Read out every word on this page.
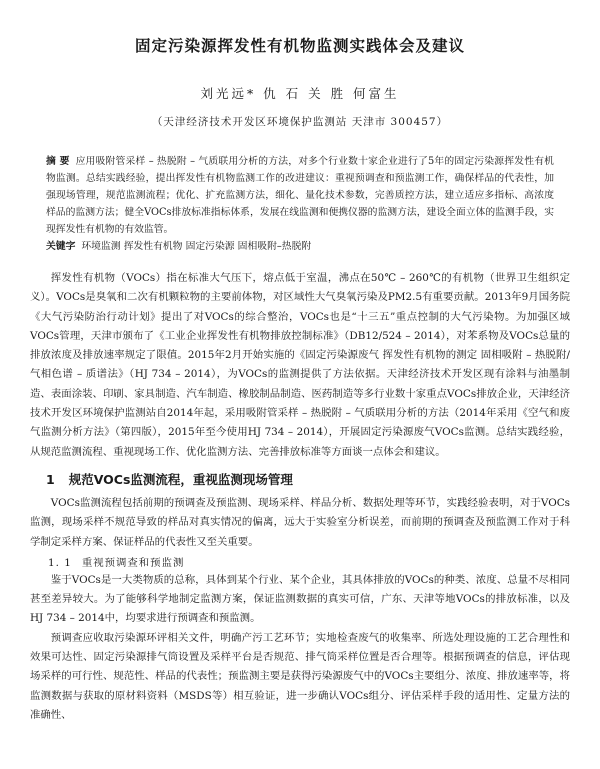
固定污染源挥发性有机物监测实践体会及建议
刘光远* 仇 石 关 胜 何富生
（天津经济技术开发区环境保护监测站 天津市 300457）
摘 要 应用吸附管采样 – 热脱附 – 气质联用分析的方法，对多个行业数十家企业进行了5年的固定污染源挥发性有机物监测。总结实践经验，提出挥发性有机物监测工作的改进建议：重视预调查和预监测工作，确保样品的代表性，加强现场管理，规范监测流程；优化、扩充监测方法，细化、量化技术参数，完善质控方法，建立适应多指标、高浓度样品的监测方法；健全VOCs排放标准指标体系，发展在线监测和便携仪器的监测方法，建设全面立体的监测手段，实现挥发性有机物的有效监管。
关键字 环境监测 挥发性有机物 固定污染源 固相吸附–热脱附

挥发性有机物（VOCs）指在标准大气压下，熔点低于室温，沸点在50℃ – 260℃的有机物（世界卫生组织定义）。VOCs是臭氧和二次有机颗粒物的主要前体物，对区域性大气臭氧污染及PM2.5有重要贡献。2013年9月国务院《大气污染防治行动计划》提出了对VOCs的综合整治，VOCs也是“十三五”重点控制的大气污染物。为加强区域VOCs管理，天津市颁布了《工业企业挥发性有机物排放控制标准》（DB12/524 – 2014），对苯系物及VOCs总量的排放浓度及排放速率规定了限值。2015年2月开始实施的《固定污染源废气 挥发性有机物的测定 固相吸附 – 热脱附/气相色谱 – 质谱法》（HJ 734 – 2014），为VOCs的监测提供了方法依据。天津经济技术开发区现有涂料与油墨制造、表面涂装、印刷、家具制造、汽车制造、橡胶制品制造、医药制造等多行业数十家重点VOCs排放企业，天津经济技术开发区环境保护监测站自2014年起，采用吸附管采样 – 热脱附 – 气质联用分析的方法（2014年采用《空气和废气监测分析方法》（第四版），2015年至今使用HJ 734 – 2014），开展固定污染源废气VOCs监测。总结实践经验，从规范监测流程、重视现场工作、优化监测方法、完善排放标准等方面谈一点体会和建议。

1 规范VOCs监测流程，重视监测现场管理

VOCs监测流程包括前期的预调查及预监测、现场采样、样品分析、数据处理等环节，实践经验表明，对于VOCs监测，现场采样不规范导致的样品对真实情况的偏离，远大于实验室分析误差，而前期的预调查及预监测工作对于科学制定采样方案、保证样品的代表性又至关重要。

1. 1 重视预调查和预监测

鉴于VOCs是一大类物质的总称，具体到某个行业、某个企业，其具体排放的VOCs的种类、浓度、总量不尽相同甚至差异较大。为了能够科学地制定监测方案，保证监测数据的真实可信，广东、天津等地VOCs的排放标准，以及HJ 734 – 2014中，均要求进行预调查和预监测。

预调查应收取污染源环评相关文件，明确产污工艺环节；实地检查废气的收集率、所选处理设施的工艺合理性和效果可达性、固定污染源排气筒设置及采样平台是否规范、排气筒采样位置是否合理等。根据预调查的信息，评估现场采样的可行性、规范性、样品的代表性；预监测主要是获得污染源废气中的VOCs主要组分、浓度、排放速率等，将监测数据与获取的原材料资料（MSDS等）相互验证，进一步确认VOCs组分、评估采样手段的适用性、定量方法的准确性、
